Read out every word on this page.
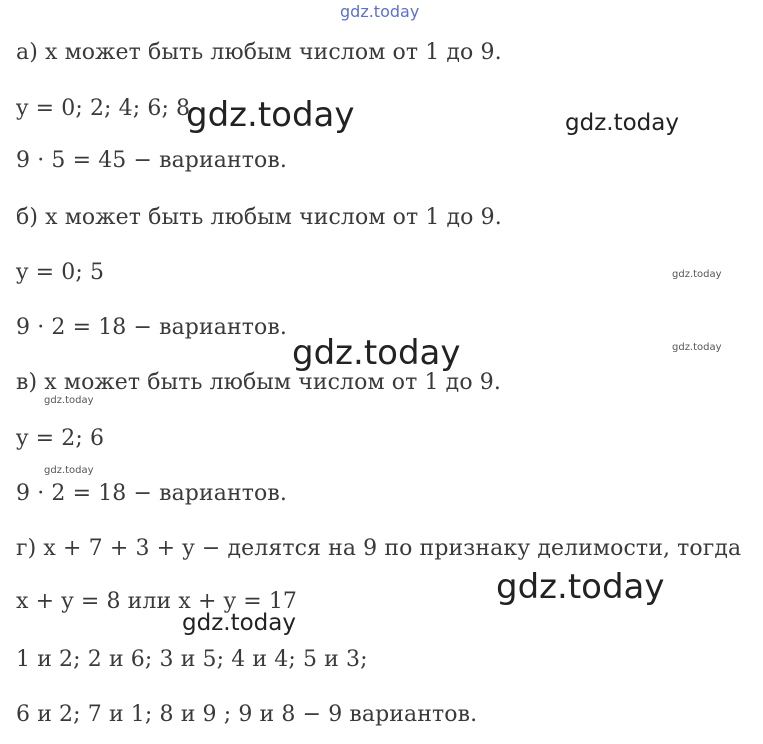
gdz.today
а) x может быть любым числом от 1 до 9.
y = 0; 2; 4; 6; 8
9 · 5 = 45 − вариантов.
б) x может быть любым числом от 1 до 9.
y = 0; 5
9 · 2 = 18 − вариантов.
в) x может быть любым числом от 1 до 9.
y = 2; 6
9 · 2 = 18 − вариантов.
г) x + 7 + 3 + y − делятся на 9 по признаку делимости, тогда
x + y = 8 или x + y = 17
1 и 2; 2 и 6; 3 и 5; 4 и 4; 5 и 3;
6 и 2; 7 и 1; 8 и 9 ; 9 и 8 − 9 вариантов.
gdz.today	gdz.today
gdz.today
gdz.today	gdz.today
gdz.today
gdz.today
gdz.today
gdz.today
